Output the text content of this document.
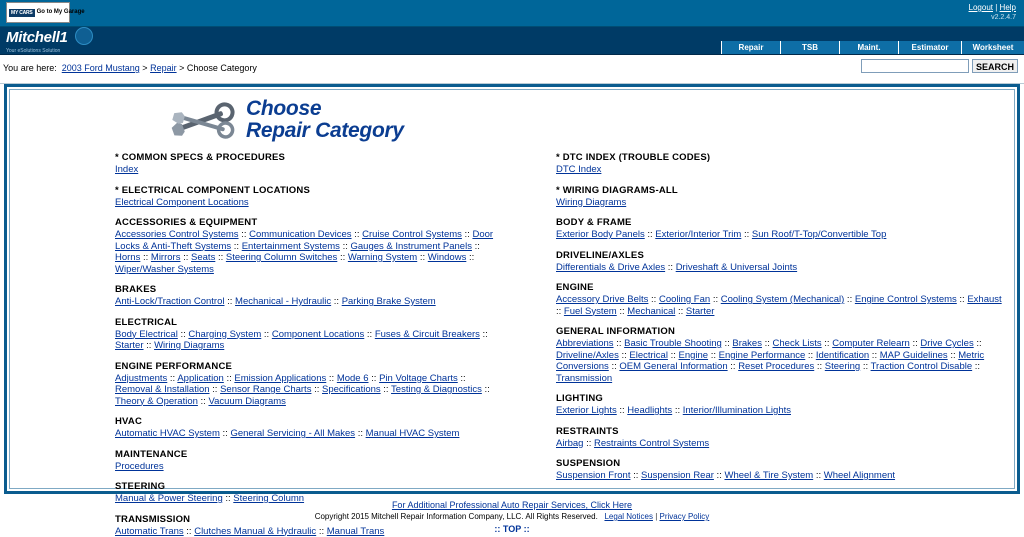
MY CARS Go to My Garage	Logout | Help
v2.2.4.7
Mitchell1
Your eSolutions Solution	Repair	TSB	Maint.	Estimator	Worksheet
You are here: 2003 Ford Mustang > Repair > Choose Category	SEARCH
Choose
Repair Category
* COMMON SPECS & PROCEDURES
Index
* ELECTRICAL COMPONENT LOCATIONS
Electrical Component Locations
ACCESSORIES & EQUIPMENT
Accessories Control Systems :: Communication Devices :: Cruise Control Systems :: Door Locks & Anti-Theft Systems :: Entertainment Systems :: Gauges & Instrument Panels :: Horns :: Mirrors :: Seats :: Steering Column Switches :: Warning System :: Windows :: Wiper/Washer Systems
BRAKES
Anti-Lock/Traction Control :: Mechanical - Hydraulic :: Parking Brake System
ELECTRICAL
Body Electrical :: Charging System :: Component Locations :: Fuses & Circuit Breakers :: Starter :: Wiring Diagrams
ENGINE PERFORMANCE
Adjustments :: Application :: Emission Applications :: Mode 6 :: Pin Voltage Charts :: Removal & Installation :: Sensor Range Charts :: Specifications :: Testing & Diagnostics :: Theory & Operation :: Vacuum Diagrams
HVAC
Automatic HVAC System :: General Servicing - All Makes :: Manual HVAC System
MAINTENANCE
Procedures
STEERING
Manual & Power Steering :: Steering Column
TRANSMISSION
Automatic Trans :: Clutches Manual & Hydraulic :: Manual Trans
* DTC INDEX (TROUBLE CODES)
DTC Index
* WIRING DIAGRAMS-ALL
Wiring Diagrams
BODY & FRAME
Exterior Body Panels :: Exterior/Interior Trim :: Sun Roof/T-Top/Convertible Top
DRIVELINE/AXLES
Differentials & Drive Axles :: Driveshaft & Universal Joints
ENGINE
Accessory Drive Belts :: Cooling Fan :: Cooling System (Mechanical) :: Engine Control Systems :: Exhaust :: Fuel System :: Mechanical :: Starter
GENERAL INFORMATION
Abbreviations :: Basic Trouble Shooting :: Brakes :: Check Lists :: Computer Relearn :: Drive Cycles :: Driveline/Axles :: Electrical :: Engine :: Engine Performance :: Identification :: MAP Guidelines :: Metric Conversions :: OEM General Information :: Reset Procedures :: Steering :: Traction Control Disable :: Transmission
LIGHTING
Exterior Lights :: Headlights :: Interior/Illumination Lights
RESTRAINTS
Airbag :: Restraints Control Systems
SUSPENSION
Suspension Front :: Suspension Rear :: Wheel & Tire System :: Wheel Alignment
For Additional Professional Auto Repair Services, Click Here
Copyright 2015 Mitchell Repair Information Company, LLC. All Rights Reserved. Legal Notices | Privacy Policy
:: TOP ::
